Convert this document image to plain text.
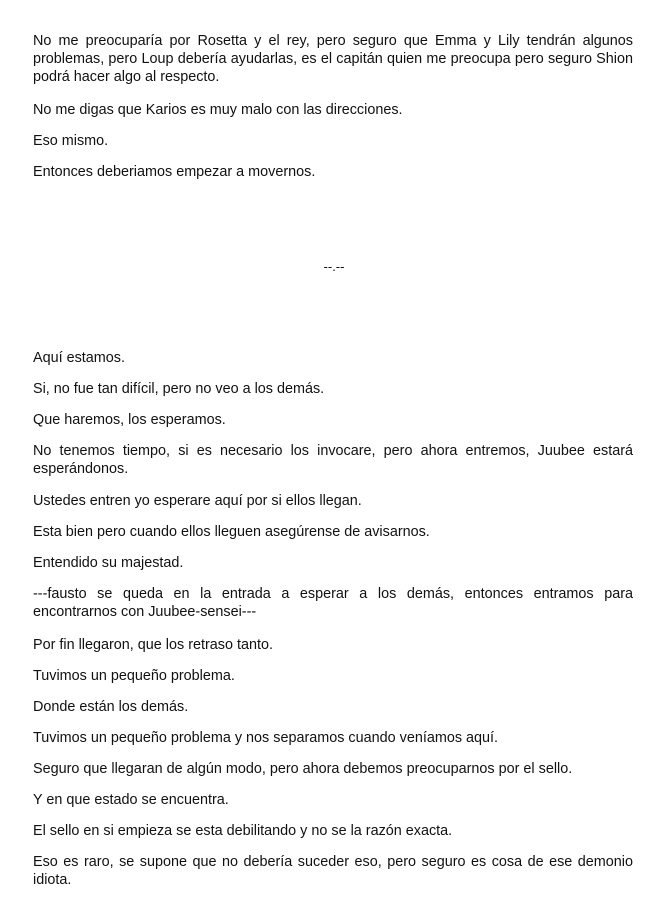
No me preocuparía por Rosetta y el rey, pero seguro que Emma y Lily tendrán algunos problemas, pero Loup debería ayudarlas, es el capitán quien me preocupa pero seguro Shion podrá hacer algo al respecto.

No me digas que Karios es muy malo con las direcciones.

Eso mismo.

Entonces deberiamos empezar a movernos.

--.--

Aquí estamos.

Si, no fue tan difícil, pero no veo a los demás.

Que haremos, los esperamos.

No tenemos tiempo, si es necesario los invocare, pero ahora entremos, Juubee estará esperándonos.

Ustedes entren yo esperare aquí por si ellos llegan.

Esta bien pero cuando ellos lleguen asegúrense de avisarnos.

Entendido su majestad.

---fausto se queda en la entrada a esperar a los demás, entonces entramos para encontrarnos con Juubee-sensei---

Por fin llegaron, que los retraso tanto.

Tuvimos un pequeño problema.

Donde están los demás.

Tuvimos un pequeño problema y nos separamos cuando veníamos aquí.

Seguro que llegaran de algún modo, pero ahora debemos preocuparnos por el sello.

Y en que estado se encuentra.

El sello en si empieza se esta debilitando y no se la razón exacta.

Eso es raro, se supone que no debería suceder eso, pero seguro es cosa de ese demonio idiota.
